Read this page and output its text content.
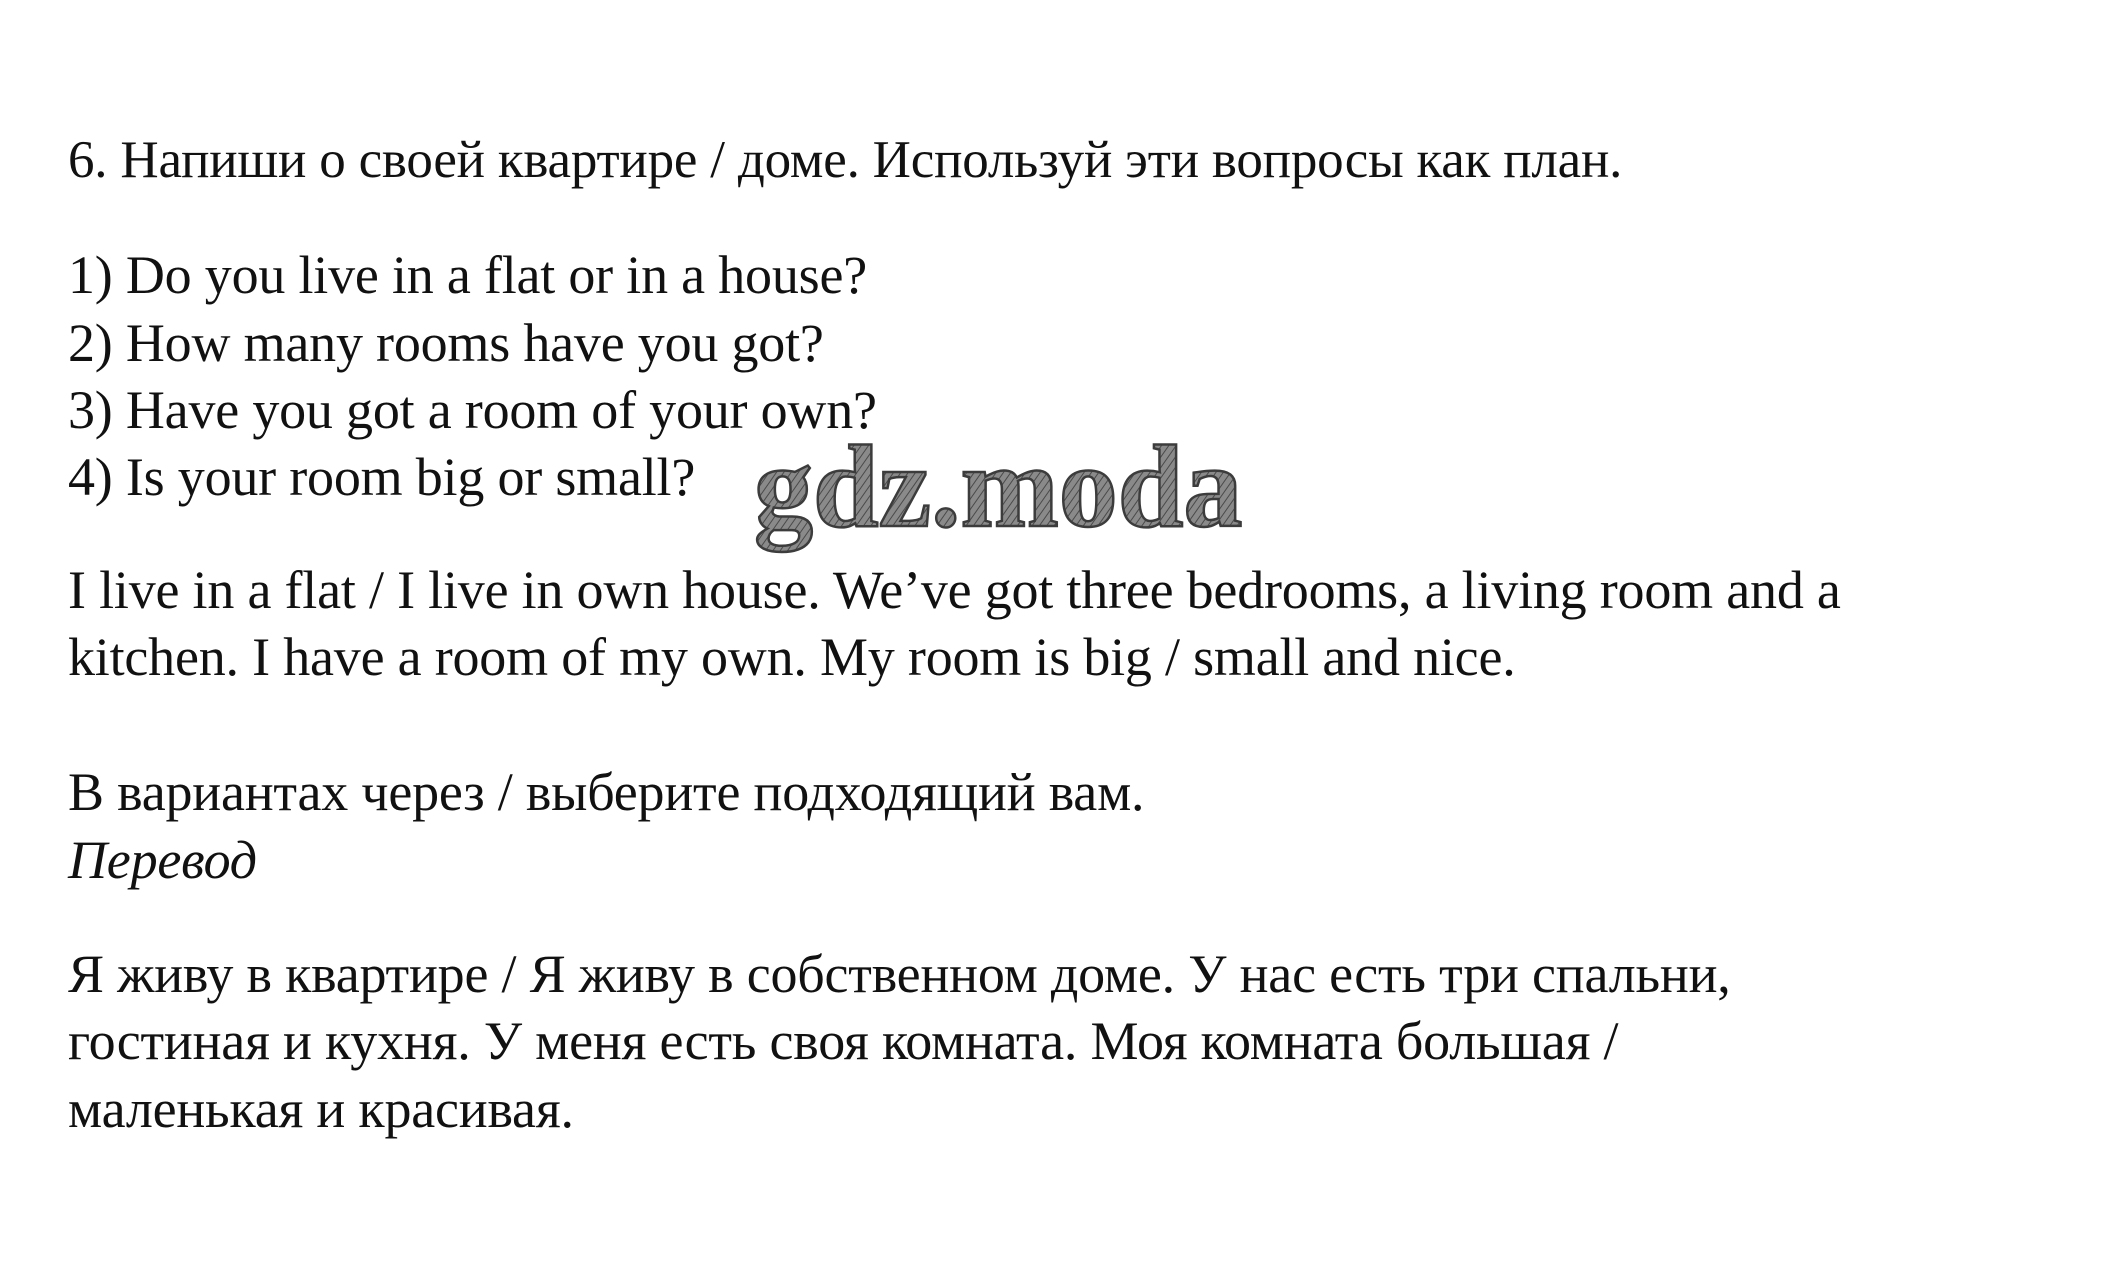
6. Напиши о своей квартире / доме. Используй эти вопросы как план.
1) Do you live in a flat or in a house?
2) How many rooms have you got?
3) Have you got a room of your own?
4) Is your room big or small?
I live in a flat / I live in own house. We’ve got three bedrooms, a living room and a
kitchen. I have a room of my own. My room is big / small and nice.
В вариантах через / выберите подходящий вам.
Перевод
Я живу в квартире / Я живу в собственном доме. У нас есть три спальни,
гостиная и кухня. У меня есть своя комната. Моя комната большая /
маленькая и красивая.
gdz.moda
